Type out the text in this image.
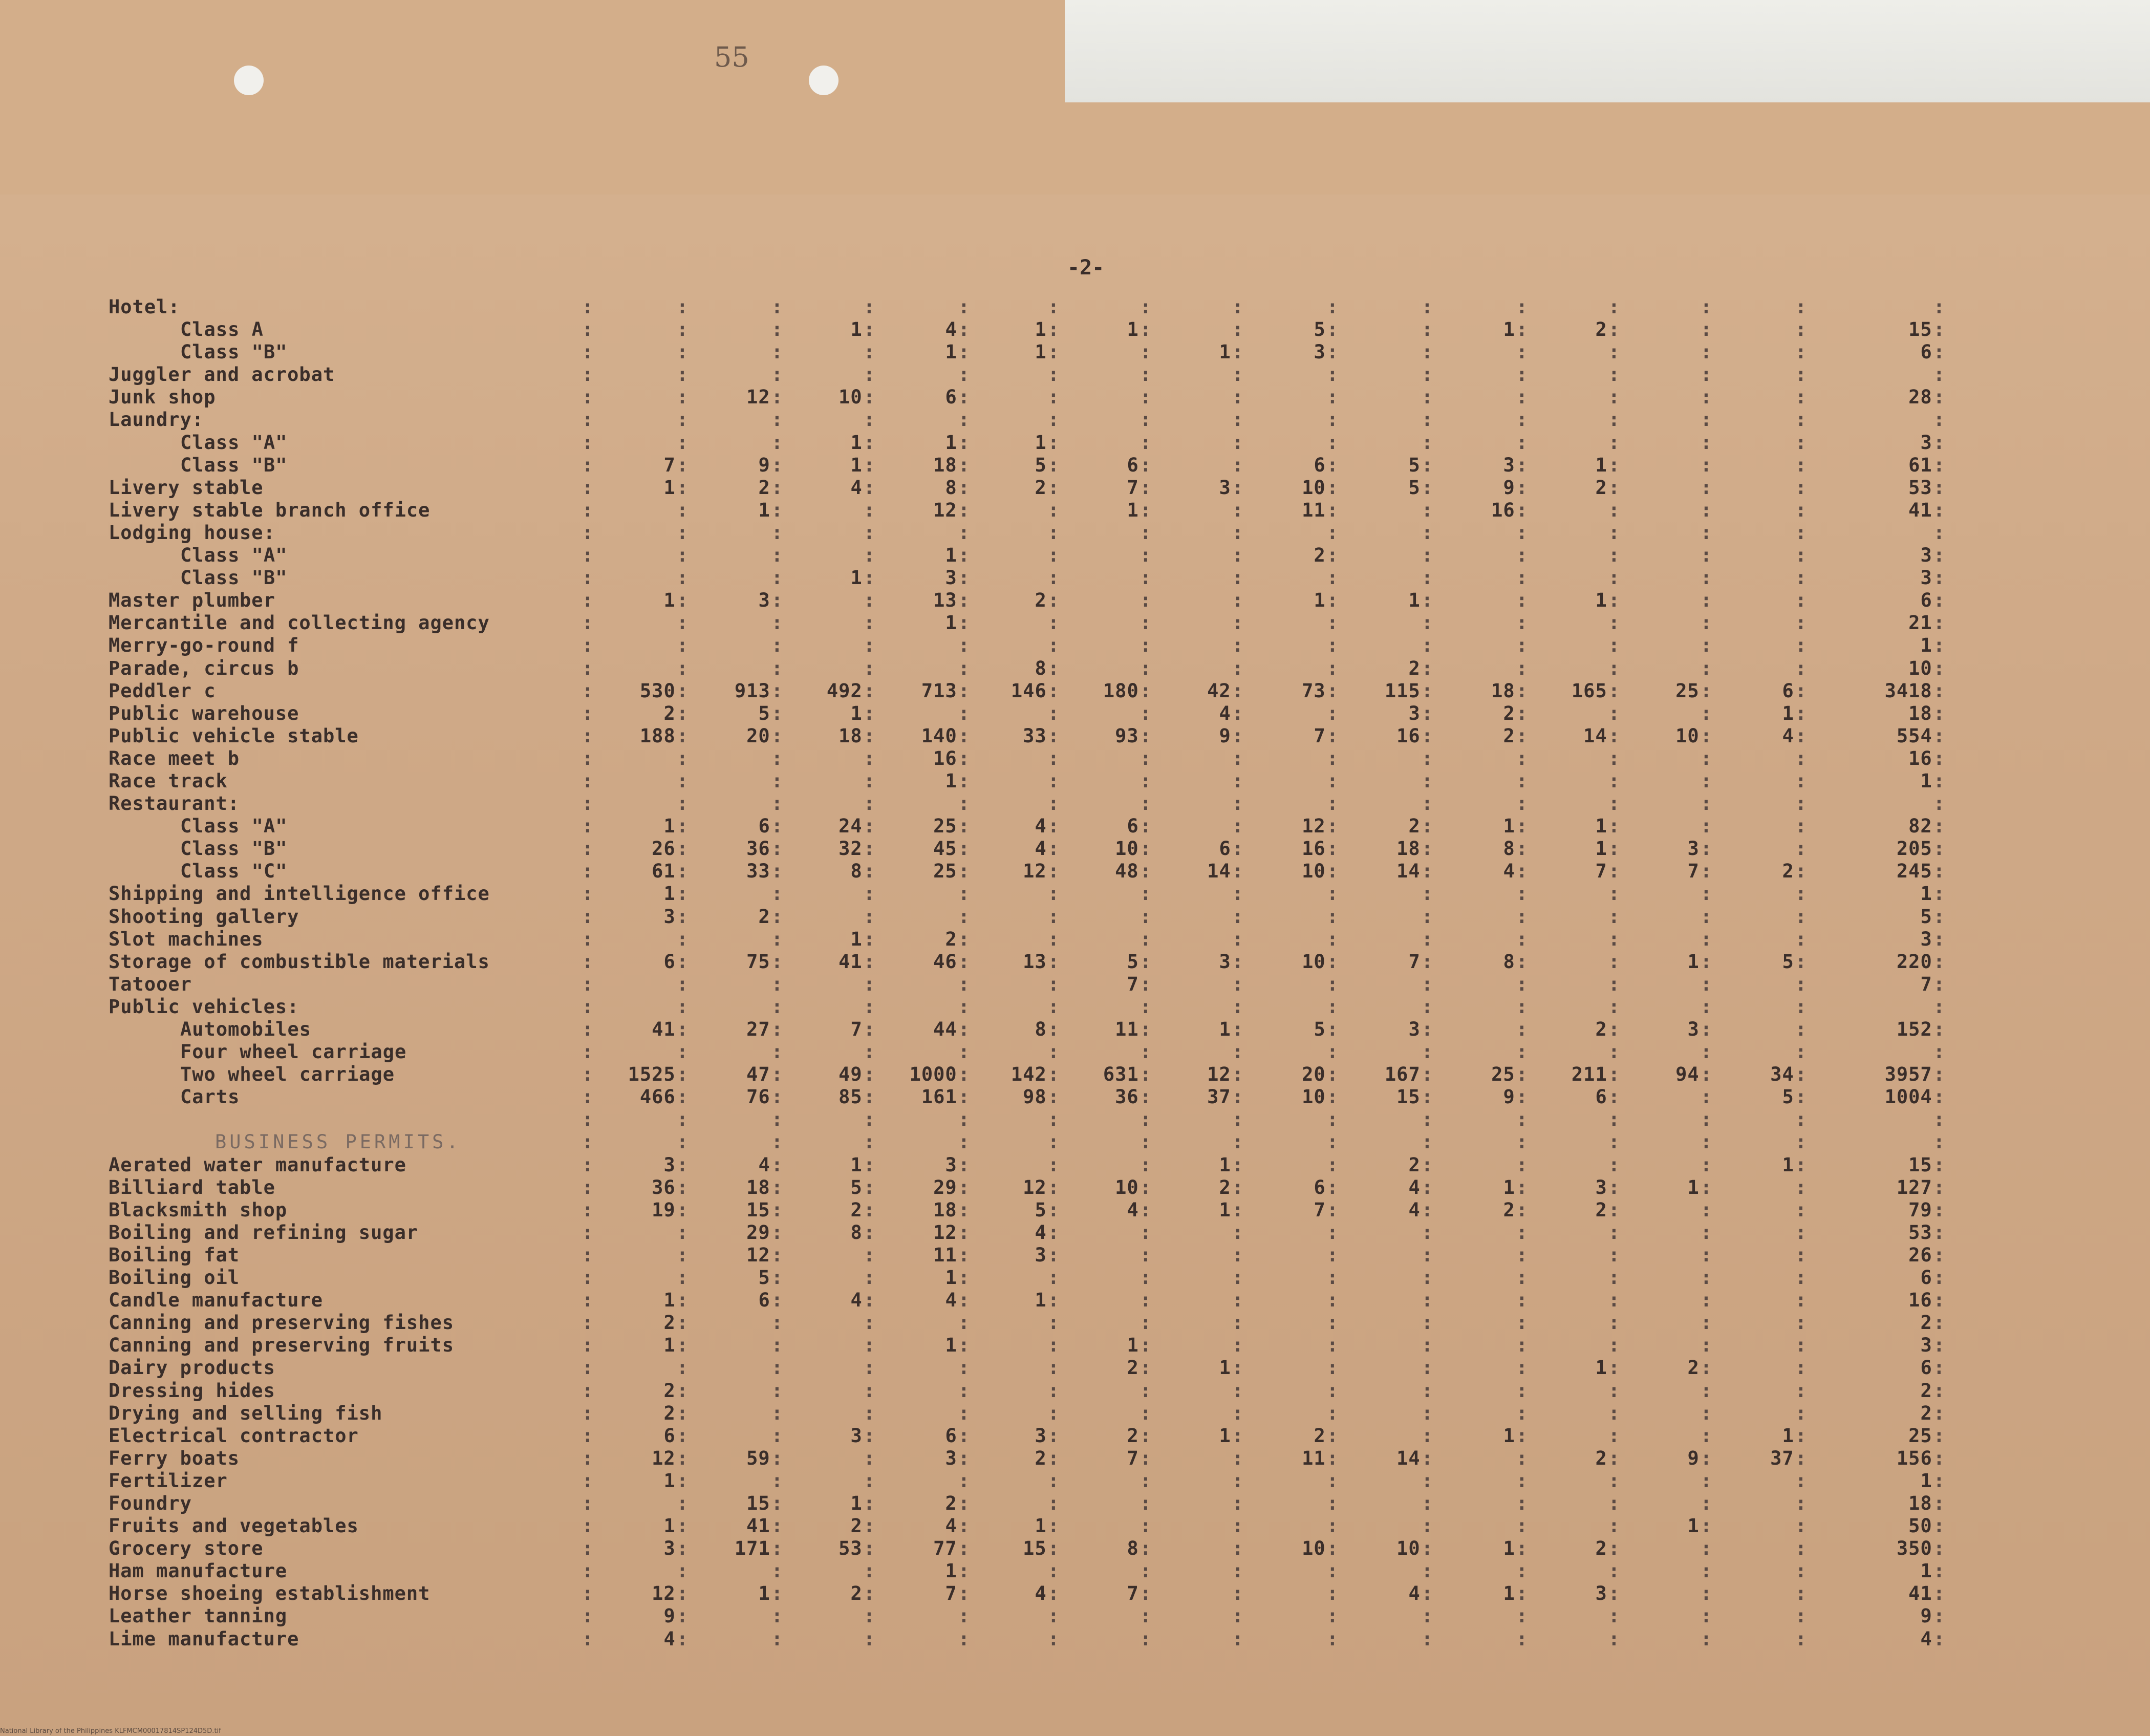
55
-2-
Hotel:	:	:	:	:	:	:	:	:	:	:	:	:	:	:	:
Class A	:	:	:	1:	4:	1:	1:	:	5:	:	1:	2:	:	:	15:
Class "B"	:	:	:	:	1:	1:	:	1:	3:	:	:	:	:	:	6:
Juggler and acrobat	:	:	:	:	:	:	:	:	:	:	:	:	:	:	:
Junk shop	:	:	12:	10:	6:	:	:	:	:	:	:	:	:	:	28:
Laundry:	:	:	:	:	:	:	:	:	:	:	:	:	:	:	:
Class "A"	:	:	:	1:	1:	1:	:	:	:	:	:	:	:	:	3:
Class "B"	:	7:	9:	1:	18:	5:	6:	:	6:	5:	3:	1:	:	:	61:
Livery stable	:	1:	2:	4:	8:	2:	7:	3:	10:	5:	9:	2:	:	:	53:
Livery stable branch office	:	:	1:	:	12:	:	1:	:	11:	:	16:	:	:	:	41:
Lodging house:	:	:	:	:	:	:	:	:	:	:	:	:	:	:	:
Class "A"	:	:	:	:	1:	:	:	:	2:	:	:	:	:	:	3:
Class "B"	:	:	:	1:	3:	:	:	:	:	:	:	:	:	:	3:
Master plumber	:	1:	3:	:	13:	2:	:	:	1:	1:	:	1:	:	:	6:
Mercantile and collecting agency	:	:	:	:	1:	:	:	:	:	:	:	:	:	:	21:
Merry-go-round f	:	:	:	:	:	:	:	:	:	:	:	:	:	:	1:
Parade, circus b	:	:	:	:	:	8:	:	:	:	2:	:	:	:	:	10:
Peddler c	:	530:	913:	492:	713:	146:	180:	42:	73:	115:	18:	165:	25:	6:	3418:
Public warehouse	:	2:	5:	1:	:	:	:	4:	:	3:	2:	:	:	1:	18:
Public vehicle stable	:	188:	20:	18:	140:	33:	93:	9:	7:	16:	2:	14:	10:	4:	554:
Race meet b	:	:	:	:	16:	:	:	:	:	:	:	:	:	:	16:
Race track	:	:	:	:	1:	:	:	:	:	:	:	:	:	:	1:
Restaurant:	:	:	:	:	:	:	:	:	:	:	:	:	:	:	:
Class "A"	:	1:	6:	24:	25:	4:	6:	:	12:	2:	1:	1:	:	:	82:
Class "B"	:	26:	36:	32:	45:	4:	10:	6:	16:	18:	8:	1:	3:	:	205:
Class "C"	:	61:	33:	8:	25:	12:	48:	14:	10:	14:	4:	7:	7:	2:	245:
Shipping and intelligence office	:	1:	:	:	:	:	:	:	:	:	:	:	:	:	1:
Shooting gallery	:	3:	2:	:	:	:	:	:	:	:	:	:	:	:	5:
Slot machines	:	:	:	1:	2:	:	:	:	:	:	:	:	:	:	3:
Storage of combustible materials	:	6:	75:	41:	46:	13:	5:	3:	10:	7:	8:	:	1:	5:	220:
Tatooer	:	:	:	:	:	:	7:	:	:	:	:	:	:	:	7:
Public vehicles:	:	:	:	:	:	:	:	:	:	:	:	:	:	:	:
Automobiles	:	41:	27:	7:	44:	8:	11:	1:	5:	3:	:	2:	3:	:	152:
Four wheel carriage	:	:	:	:	:	:	:	:	:	:	:	:	:	:	:
Two wheel carriage	:	1525:	47:	49:	1000:	142:	631:	12:	20:	167:	25:	211:	94:	34:	3957:
Carts	:	466:	76:	85:	161:	98:	36:	37:	10:	15:	9:	6:	:	5:	1004:
:	:	:	:	:	:	:	:	:	:	:	:	:	:	:
BUSINESS PERMITS.	:	:	:	:	:	:	:	:	:	:	:	:	:	:	:
Aerated water manufacture	:	3:	4:	1:	3:	:	:	1:	:	2:	:	:	:	1:	15:
Billiard table	:	36:	18:	5:	29:	12:	10:	2:	6:	4:	1:	3:	1:	:	127:
Blacksmith shop	:	19:	15:	2:	18:	5:	4:	1:	7:	4:	2:	2:	:	:	79:
Boiling and refining sugar	:	:	29:	8:	12:	4:	:	:	:	:	:	:	:	:	53:
Boiling fat	:	:	12:	:	11:	3:	:	:	:	:	:	:	:	:	26:
Boiling oil	:	:	5:	:	1:	:	:	:	:	:	:	:	:	:	6:
Candle manufacture	:	1:	6:	4:	4:	1:	:	:	:	:	:	:	:	:	16:
Canning and preserving fishes	:	2:	:	:	:	:	:	:	:	:	:	:	:	:	2:
Canning and preserving fruits	:	1:	:	:	1:	:	1:	:	:	:	:	:	:	:	3:
Dairy products	:	:	:	:	:	:	2:	1:	:	:	:	1:	2:	:	6:
Dressing hides	:	2:	:	:	:	:	:	:	:	:	:	:	:	:	2:
Drying and selling fish	:	2:	:	:	:	:	:	:	:	:	:	:	:	:	2:
Electrical contractor	:	6:	:	3:	6:	3:	2:	1:	2:	:	1:	:	:	1:	25:
Ferry boats	:	12:	59:	:	3:	2:	7:	:	11:	14:	:	2:	9:	37:	156:
Fertilizer	:	1:	:	:	:	:	:	:	:	:	:	:	:	:	1:
Foundry	:	:	15:	1:	2:	:	:	:	:	:	:	:	:	:	18:
Fruits and vegetables	:	1:	41:	2:	4:	1:	:	:	:	:	:	:	1:	:	50:
Grocery store	:	3:	171:	53:	77:	15:	8:	:	10:	10:	1:	2:	:	:	350:
Ham manufacture	:	:	:	:	1:	:	:	:	:	:	:	:	:	:	1:
Horse shoeing establishment	:	12:	1:	2:	7:	4:	7:	:	:	4:	1:	3:	:	:	41:
Leather tanning	:	9:	:	:	:	:	:	:	:	:	:	:	:	:	9:
Lime manufacture	:	4:	:	:	:	:	:	:	:	:	:	:	:	:	4:
National Library of the Philippines KLFMCM00017814SP124D5D.tif
